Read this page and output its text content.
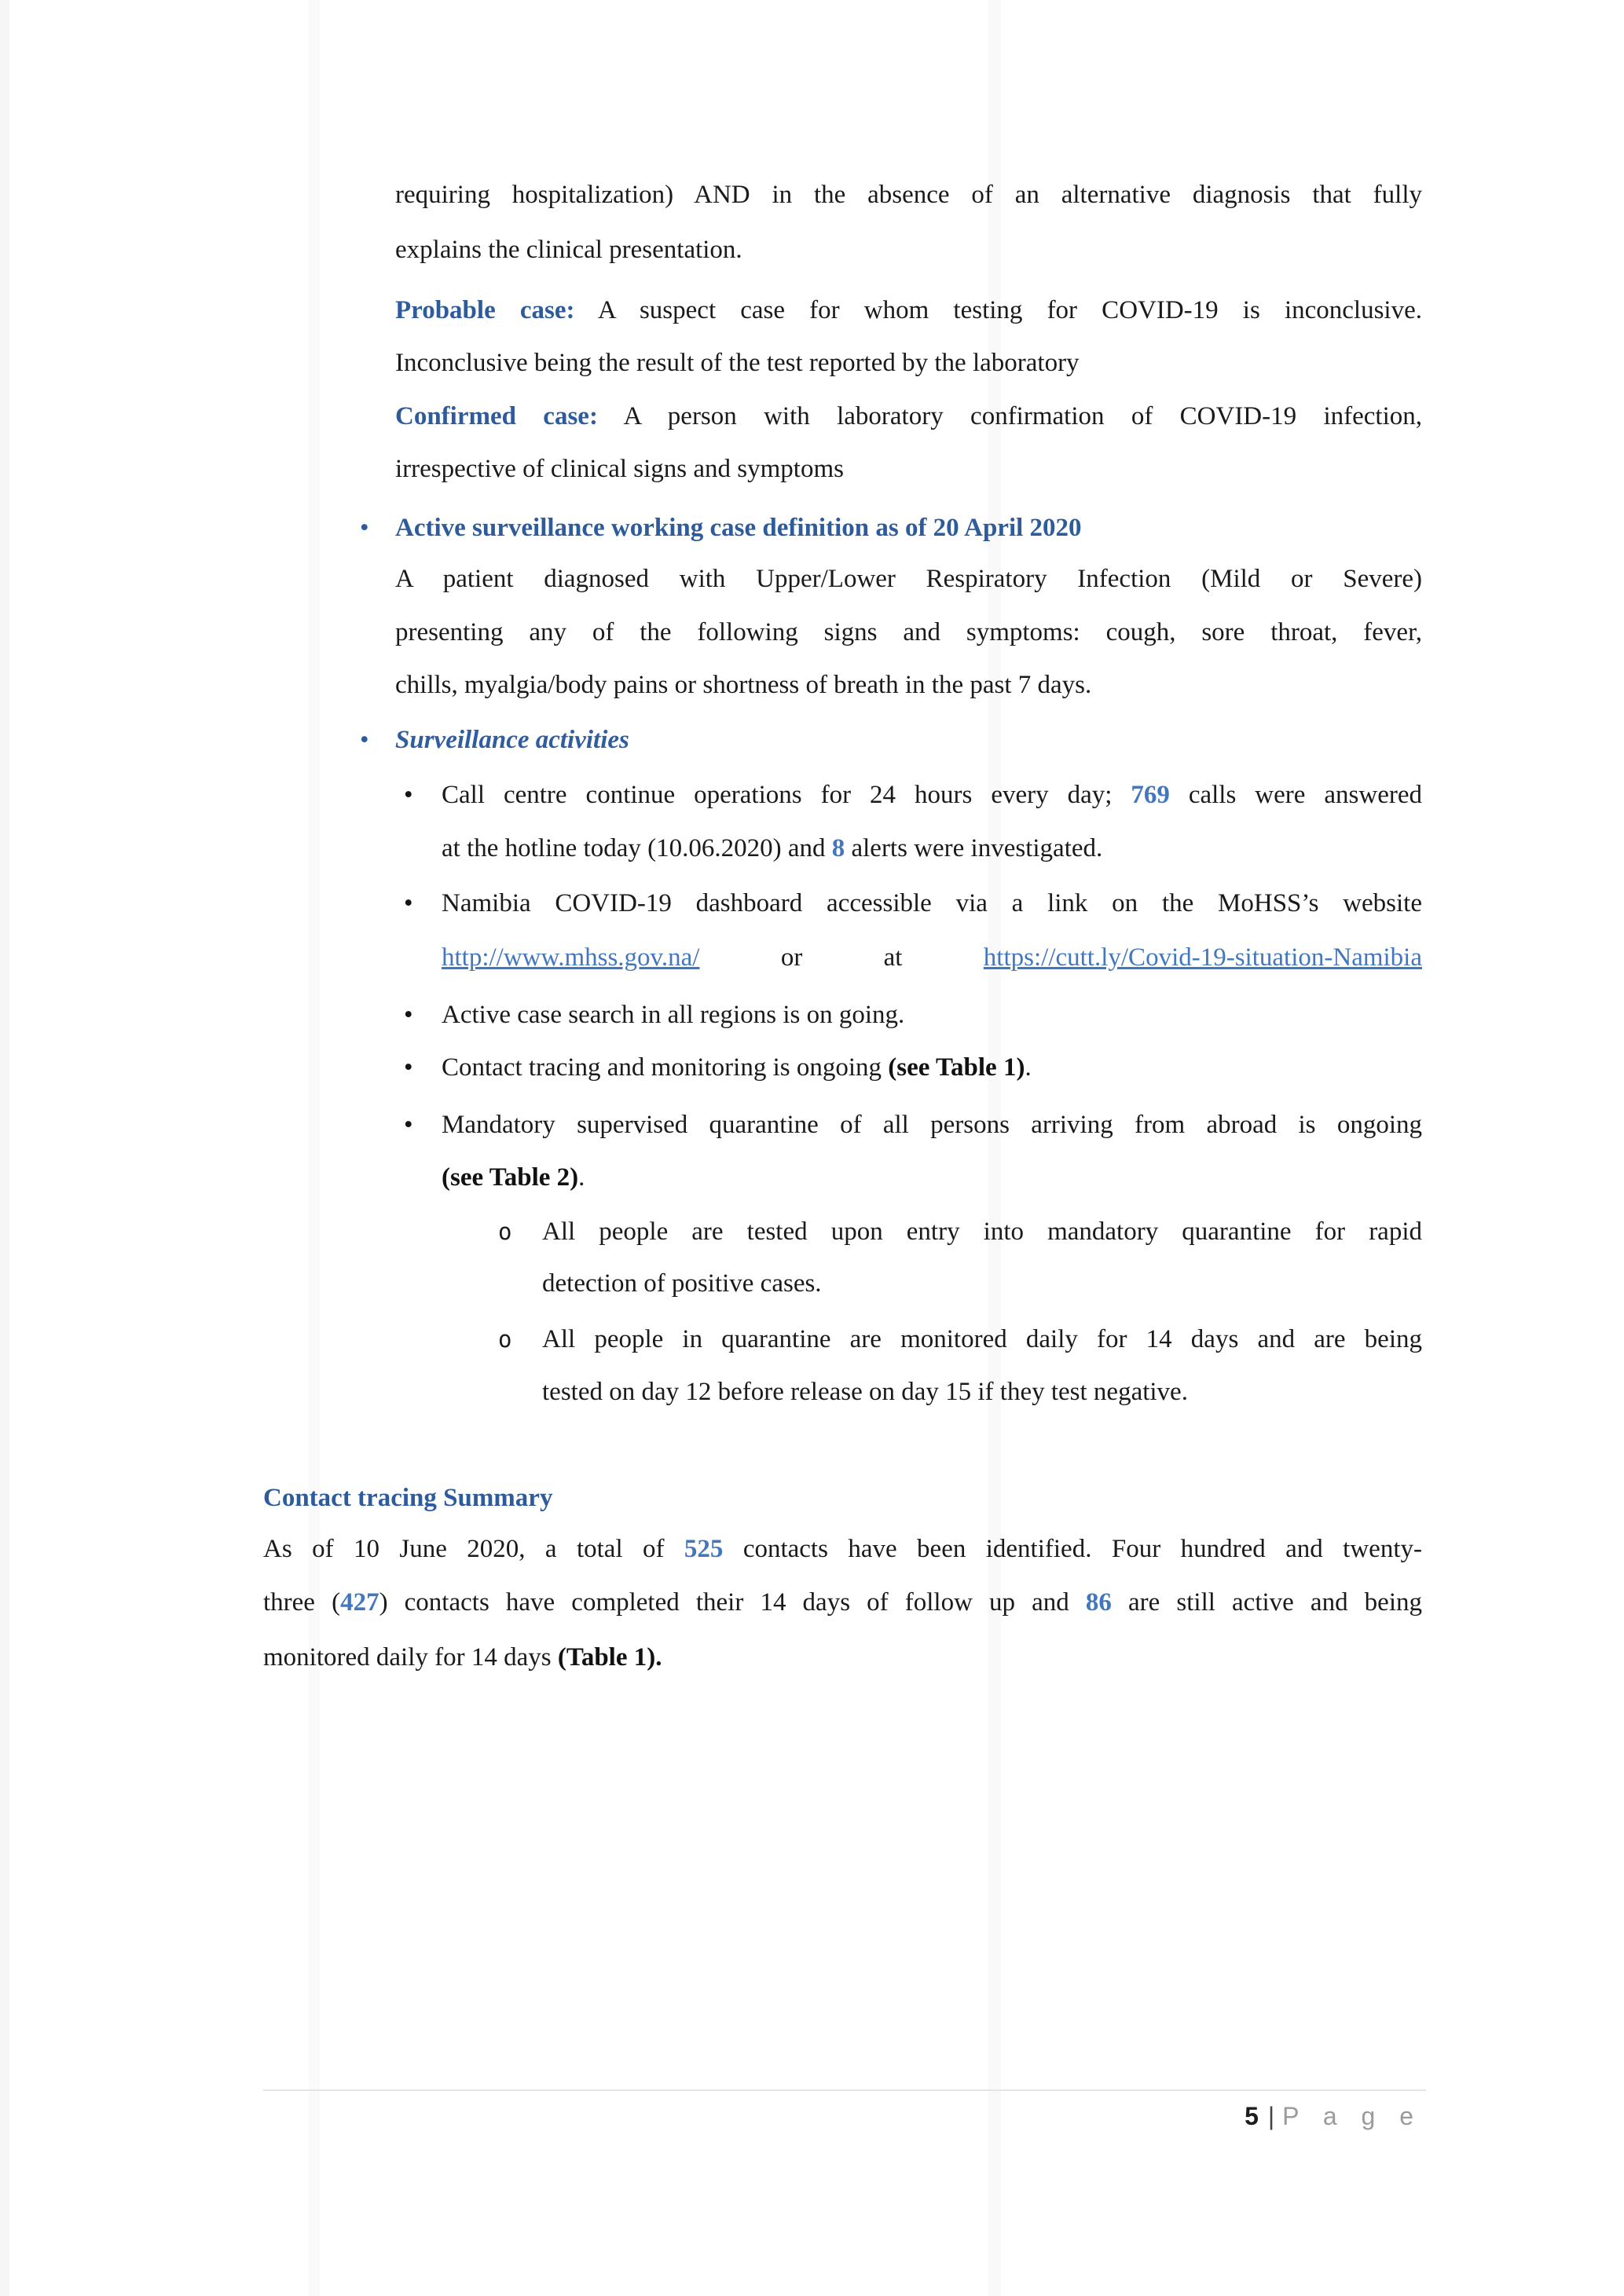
requiring hospitalization) AND in the absence of an alternative diagnosis that fully
explains the clinical presentation.
Probable case: A suspect case for whom testing for COVID-19 is inconclusive.
Inconclusive being the result of the test reported by the laboratory
Confirmed case: A person with laboratory confirmation of COVID-19 infection,
irrespective of clinical signs and symptoms
• Active surveillance working case definition as of 20 April 2020
A patient diagnosed with Upper/Lower Respiratory Infection (Mild or Severe)
presenting any of the following signs and symptoms: cough, sore throat, fever,
chills, myalgia/body pains or shortness of breath in the past 7 days.
• Surveillance activities
• Call centre continue operations for 24 hours every day; 769 calls were answered
at the hotline today (10.06.2020) and 8 alerts were investigated.
• Namibia COVID-19 dashboard accessible via a link on the MoHSS’s website
http://www.mhss.gov.na/ or at https://cutt.ly/Covid-19-situation-Namibia
• Active case search in all regions is on going.
• Contact tracing and monitoring is ongoing (see Table 1).
• Mandatory supervised quarantine of all persons arriving from abroad is ongoing
(see Table 2).
o All people are tested upon entry into mandatory quarantine for rapid
detection of positive cases.
o All people in quarantine are monitored daily for 14 days and are being
tested on day 12 before release on day 15 if they test negative.
Contact tracing Summary
As of 10 June 2020, a total of 525 contacts have been identified. Four hundred and twenty-
three (427) contacts have completed their 14 days of follow up and 86 are still active and being
monitored daily for 14 days (Table 1).
5 | P a g e
